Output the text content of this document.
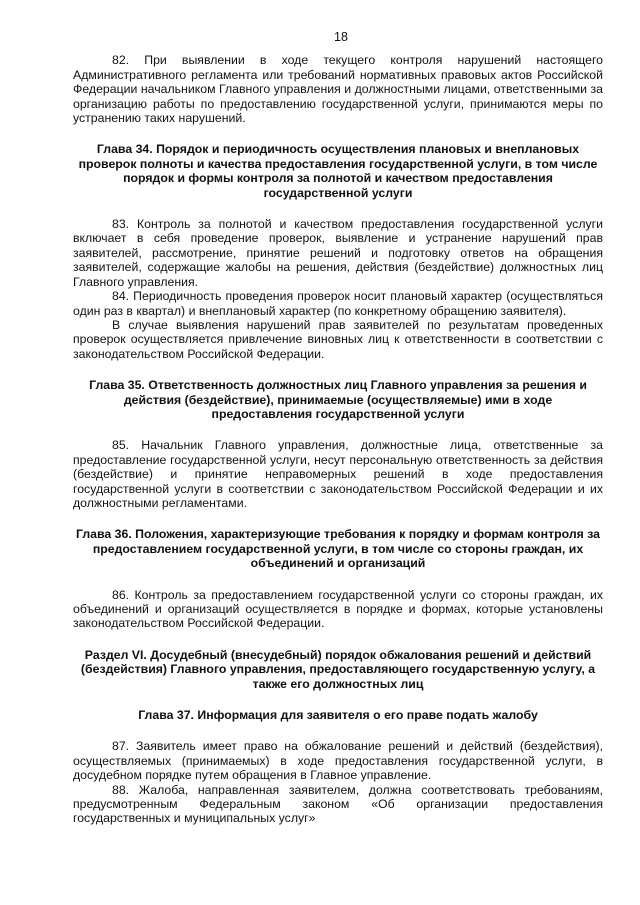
18

82. При выявлении в ходе текущего контроля нарушений настоящего Административного регламента или требований нормативных правовых актов Российской Федерации начальником Главного управления и должностными лицами, ответственными за организацию работы по предоставлению государственной услуги, принимаются меры по устранению таких нарушений.

Глава 34. Порядок и периодичность осуществления плановых и внеплановых проверок полноты и качества предоставления государственной услуги, в том числе порядок и формы контроля за полнотой и качеством предоставления государственной услуги

83. Контроль за полнотой и качеством предоставления государственной услуги включает в себя проведение проверок, выявление и устранение нарушений прав заявителей, рассмотрение, принятие решений и подготовку ответов на обращения заявителей, содержащие жалобы на решения, действия (бездействие) должностных лиц Главного управления.

84. Периодичность проведения проверок носит плановый характер (осуществляться один раз в квартал) и внеплановый характер (по конкретному обращению заявителя).

В случае выявления нарушений прав заявителей по результатам проведенных проверок осуществляется привлечение виновных лиц к ответственности в соответствии с законодательством Российской Федерации.

Глава 35. Ответственность должностных лиц Главного управления за решения и действия (бездействие), принимаемые (осуществляемые) ими в ходе предоставления государственной услуги

85. Начальник Главного управления, должностные лица, ответственные за предоставление государственной услуги, несут персональную ответственность за действия (бездействие) и принятие неправомерных решений в ходе предоставления государственной услуги в соответствии с законодательством Российской Федерации и их должностными регламентами.

Глава 36. Положения, характеризующие требования к порядку и формам контроля за предоставлением государственной услуги, в том числе со стороны граждан, их объединений и организаций

86. Контроль за предоставлением государственной услуги со стороны граждан, их объединений и организаций осуществляется в порядке и формах, которые установлены законодательством Российской Федерации.

Раздел VI. Досудебный (внесудебный) порядок обжалования решений и действий (бездействия) Главного управления, предоставляющего государственную услугу, а также его должностных лиц

Глава 37. Информация для заявителя о его праве подать жалобу

87. Заявитель имеет право на обжалование решений и действий (бездействия), осуществляемых (принимаемых) в ходе предоставления государственной услуги, в досудебном порядке путем обращения в Главное управление.

88. Жалоба, направленная заявителем, должна соответствовать требованиям, предусмотренным Федеральным законом «Об организации предоставления государственных и муниципальных услуг»
